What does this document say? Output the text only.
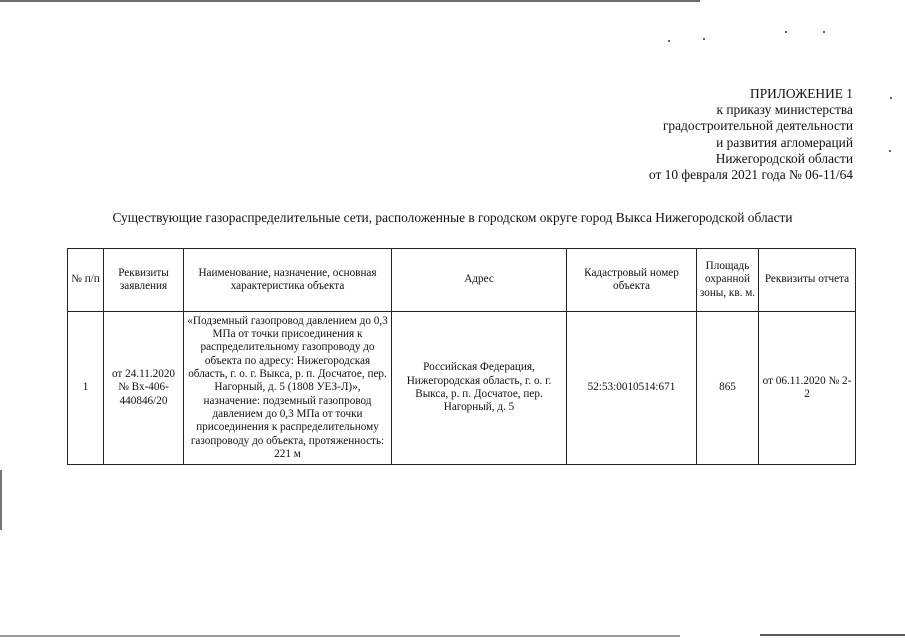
ПРИЛОЖЕНИЕ 1
к приказу министерства
градостроительной деятельности
и развития агломераций
Нижегородской области
от 10 февраля 2021 года № 06-11/64
Существующие газораспределительные сети, расположенные в городском округе город Выкса Нижегородской области
№ п/п	Реквизиты заявления	Наименование, назначение, основная характеристика объекта	Адрес	Кадастровый номер объекта	Площадь охранной зоны, кв. м.	Реквизиты отчета
1	от 24.11.2020 № Вх-406-440846/20	«Подземный газопровод давлением до 0,3 МПа от точки присоединения к распределительному газопроводу до объекта по адресу: Нижегородская область, г. о. г. Выкса, р. п. Досчатое, пер. Нагорный, д. 5 (1808 УЕЗ-Л)», назначение: подземный газопровод давлением до 0,3 МПа от точки присоединения к распределительному газопроводу до объекта, протяженность: 221 м	Российская Федерация, Нижегородская область, г. о. г. Выкса, р. п. Досчатое, пер. Нагорный, д. 5	52:53:0010514:671	865	от 06.11.2020 № 2-2
